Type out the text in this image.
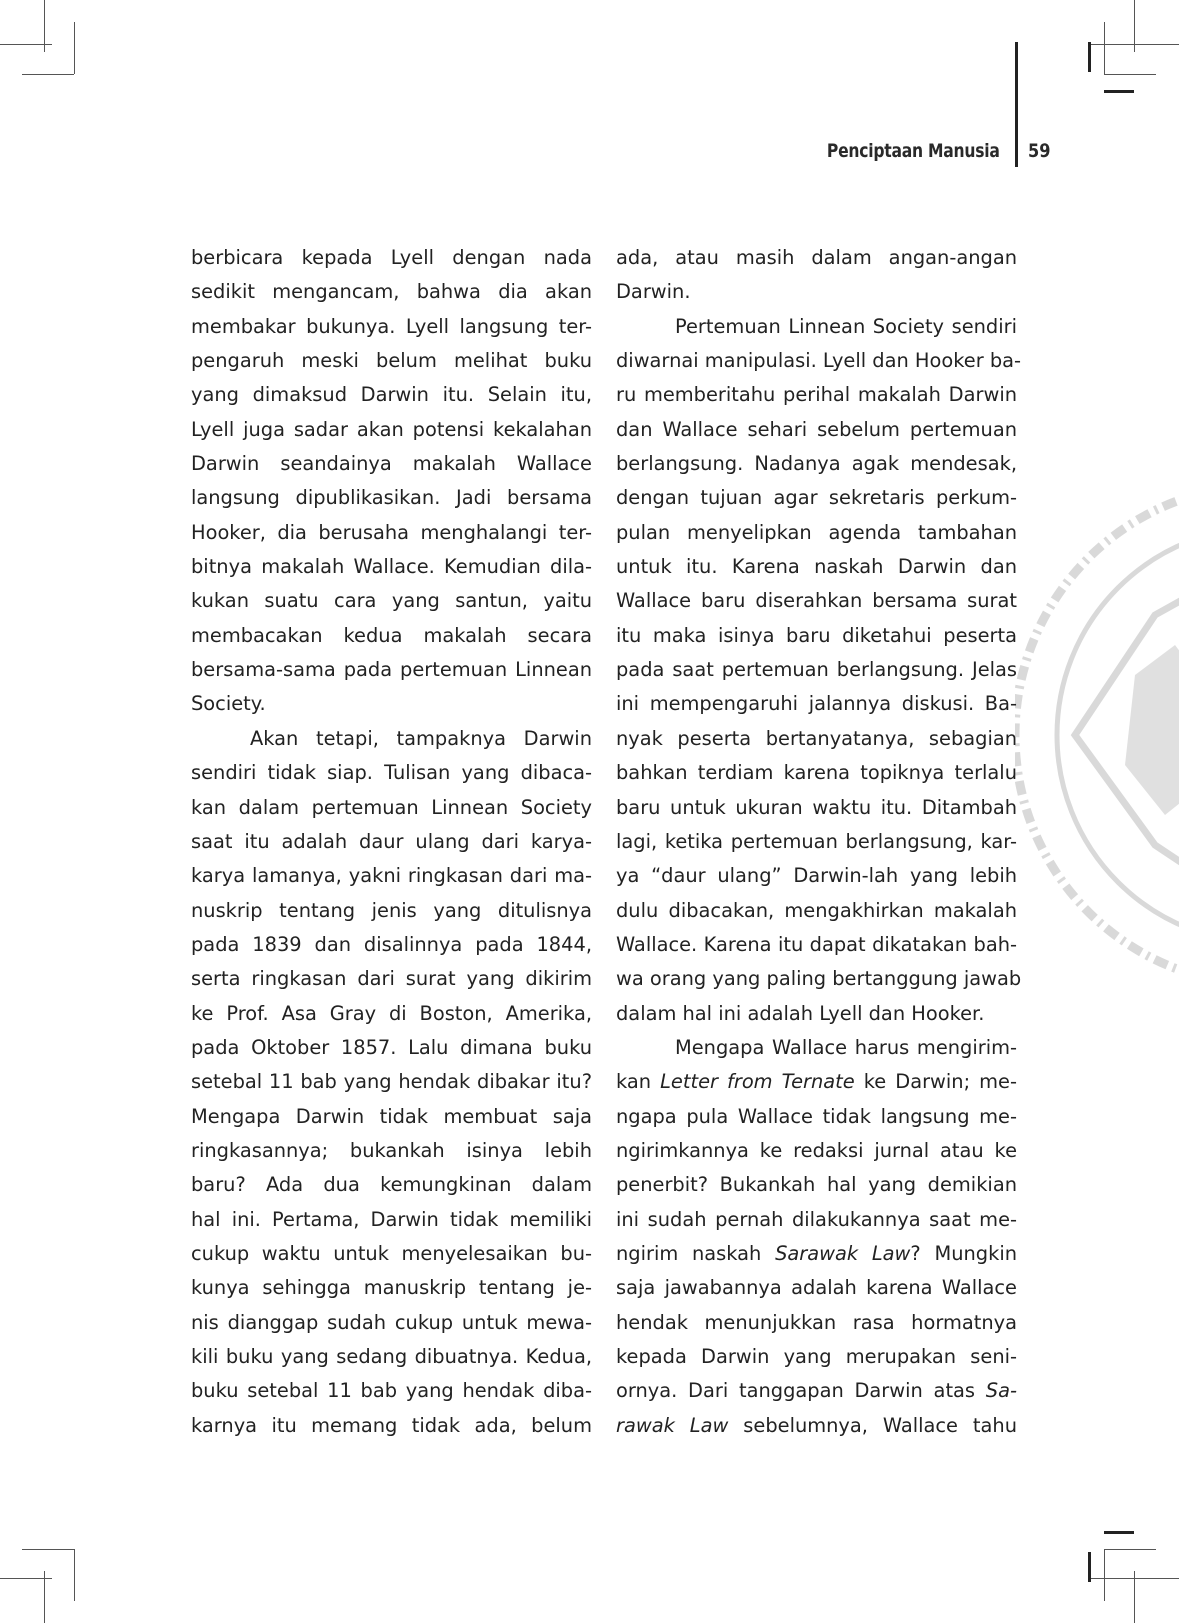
Penciptaan Manusia 59
berbicara kepada Lyell dengan nada
sedikit mengancam, bahwa dia akan
membakar bukunya. Lyell langsung ter-
pengaruh meski belum melihat buku
yang dimaksud Darwin itu. Selain itu,
Lyell juga sadar akan potensi kekalahan
Darwin seandainya makalah Wallace
langsung dipublikasikan. Jadi bersama
Hooker, dia berusaha menghalangi ter-
bitnya makalah Wallace. Kemudian dila-
kukan suatu cara yang santun, yaitu
membacakan kedua makalah secara
bersama-sama pada pertemuan Linnean
Society.
Akan tetapi, tampaknya Darwin
sendiri tidak siap. Tulisan yang dibaca-
kan dalam pertemuan Linnean Society
saat itu adalah daur ulang dari karya-
karya lamanya, yakni ringkasan dari ma-
nuskrip tentang jenis yang ditulisnya
pada 1839 dan disalinnya pada 1844,
serta ringkasan dari surat yang dikirim
ke Prof. Asa Gray di Boston, Amerika,
pada Oktober 1857. Lalu dimana buku
setebal 11 bab yang hendak dibakar itu?
Mengapa Darwin tidak membuat saja
ringkasannya; bukankah isinya lebih
baru? Ada dua kemungkinan dalam
hal ini. Pertama, Darwin tidak memiliki
cukup waktu untuk menyelesaikan bu-
kunya sehingga manuskrip tentang je-
nis dianggap sudah cukup untuk mewa-
kili buku yang sedang dibuatnya. Kedua,
buku setebal 11 bab yang hendak diba-
karnya itu memang tidak ada, belum
ada, atau masih dalam angan-angan
Darwin.
Pertemuan Linnean Society sendiri
diwarnai manipulasi. Lyell dan Hooker ba-
ru memberitahu perihal makalah Darwin
dan Wallace sehari sebelum pertemuan
berlangsung. Nadanya agak mendesak,
dengan tujuan agar sekretaris perkum-
pulan menyelipkan agenda tambahan
untuk itu. Karena naskah Darwin dan
Wallace baru diserahkan bersama surat
itu maka isinya baru diketahui peserta
pada saat pertemuan berlangsung. Jelas
ini mempengaruhi jalannya diskusi. Ba-
nyak peserta bertanyatanya, sebagian
bahkan terdiam karena topiknya terlalu
baru untuk ukuran waktu itu. Ditambah
lagi, ketika pertemuan berlangsung, kar-
ya “daur ulang” Darwin-lah yang lebih
dulu dibacakan, mengakhirkan makalah
Wallace. Karena itu dapat dikatakan bah-
wa orang yang paling bertanggung jawab
dalam hal ini adalah Lyell dan Hooker.
Mengapa Wallace harus mengirim-
kan Letter from Ternate ke Darwin; me-
ngapa pula Wallace tidak langsung me-
ngirimkannya ke redaksi jurnal atau ke
penerbit? Bukankah hal yang demikian
ini sudah pernah dilakukannya saat me-
ngirim naskah Sarawak Law? Mungkin
saja jawabannya adalah karena Wallace
hendak menunjukkan rasa hormatnya
kepada Darwin yang merupakan seni-
ornya. Dari tanggapan Darwin atas Sa-
rawak Law sebelumnya, Wallace tahu
